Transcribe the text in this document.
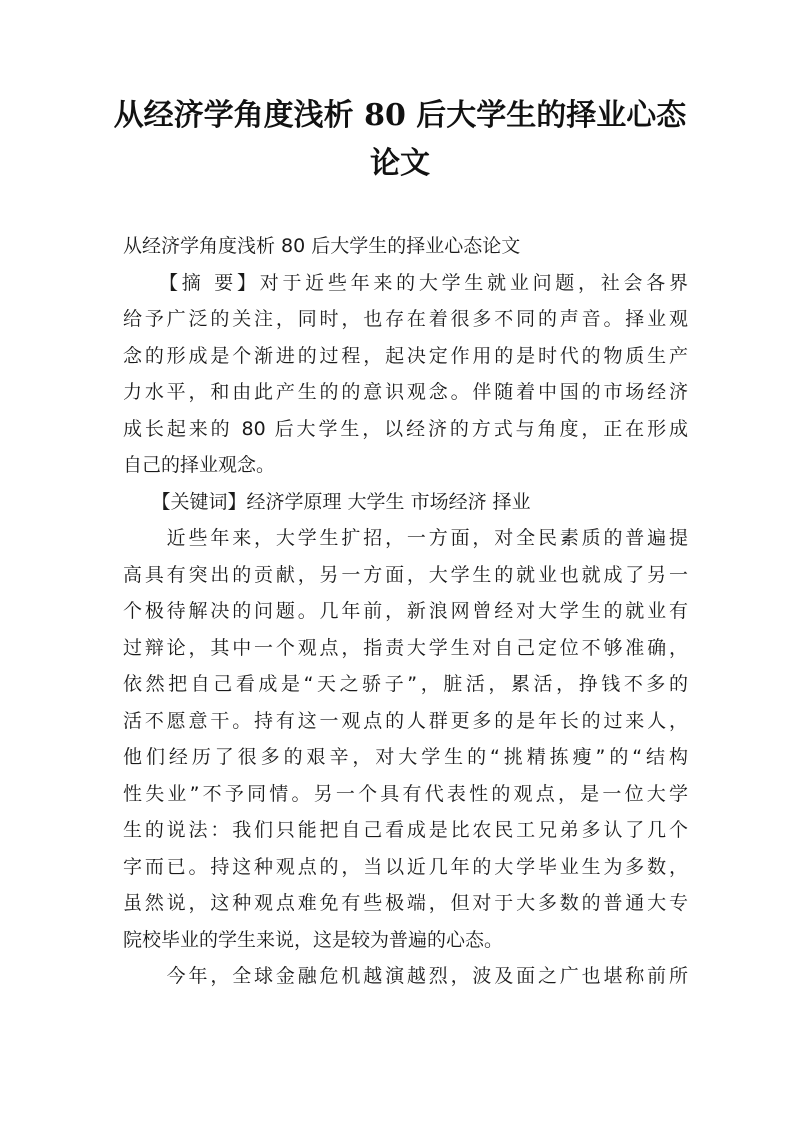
从经济学角度浅析 80 后大学生的择业心态
论文
从经济学角度浅析 80 后大学生的择业心态论文
　　【摘 要】对于近些年来的大学生就业问题，社会各界
给予广泛的关注，同时，也存在着很多不同的声音。择业观
念的形成是个渐进的过程，起决定作用的是时代的物质生产
力水平，和由此产生的的意识观念。伴随着中国的市场经济
成长起来的 80 后大学生，以经济的方式与角度，正在形成
自己的择业观念。
　　【关键词】经济学原理 大学生 市场经济 择业
　　近些年来，大学生扩招，一方面，对全民素质的普遍提
高具有突出的贡献，另一方面，大学生的就业也就成了另一
个极待解决的问题。几年前，新浪网曾经对大学生的就业有
过辩论，其中一个观点，指责大学生对自己定位不够准确，
依然把自己看成是“天之骄子”，脏活，累活，挣钱不多的
活不愿意干。持有这一观点的人群更多的是年长的过来人，
他们经历了很多的艰辛，对大学生的“挑精拣瘦”的“结构
性失业”不予同情。另一个具有代表性的观点，是一位大学
生的说法：我们只能把自己看成是比农民工兄弟多认了几个
字而已。持这种观点的，当以近几年的大学毕业生为多数，
虽然说，这种观点难免有些极端，但对于大多数的普通大专
院校毕业的学生来说，这是较为普遍的心态。
　　今年，全球金融危机越演越烈，波及面之广也堪称前所
